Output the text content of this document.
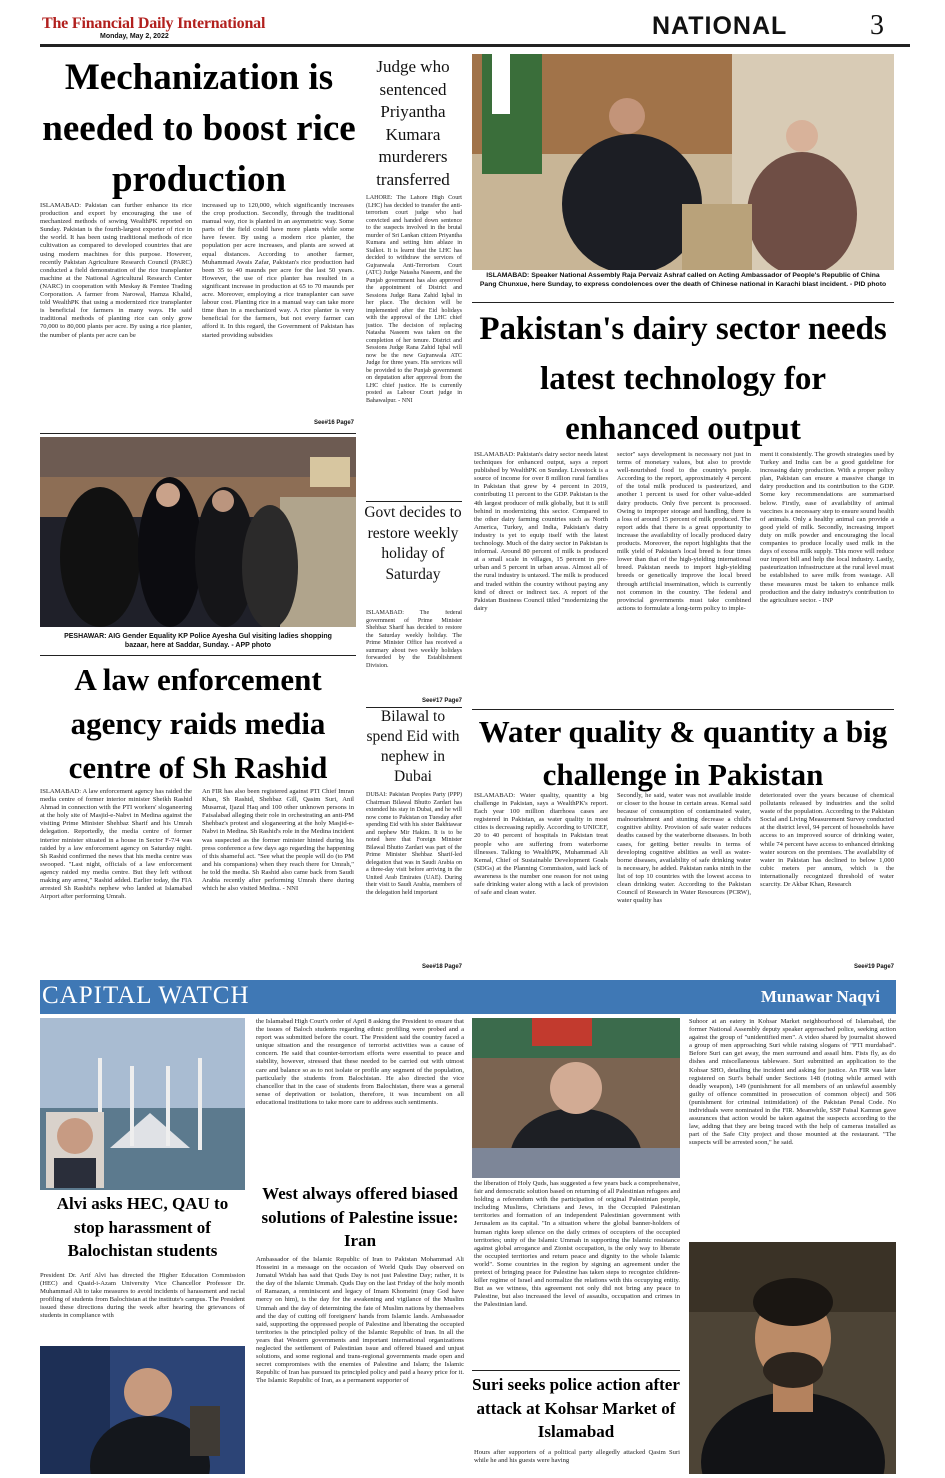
The Financial Daily International
Monday, May 2, 2022	NATIONAL	3
Mechanization is needed to boost rice production
ISLAMABAD: Pakistan can further enhance its rice production and export by encouraging the use of mechanized methods of sowing WealthPK reported on Sunday. Pakistan is the fourth-largest exporter of rice in the world. It has been using traditional methods of rice cultivation as compared to developed countries that are using modern machines for this purpose. However, recently Pakistan Agriculture Research Council (PARC) conducted a field demonstration of the rice transplanter machine at the National Agricultural Research Center (NARC) in cooperation with Meskay & Femtee Trading Corporation. A farmer from Narowal, Hamza Khalid, told WealthPK that using a modernized rice transplanter is beneficial for farmers in many ways. He said traditional methods of planting rice can only grow 70,000 to 80,000 plants per acre. By using a rice planter, the number of plants per acre can be
increased up to 120,000, which significantly increases the crop production. Secondly, through the traditional manual way, rice is planted in an asymmetric way. Some parts of the field could have more plants while some have fewer. By using a modern rice planter, the population per acre increases, and plants are sowed at equal distances. According to another farmer, Muhammad Awais Zafar, Pakistan's rice production had been 35 to 40 maunds per acre for the last 50 years. However, the use of rice planter has resulted in a significant increase in production at 65 to 70 maunds per acre. Moreover, employing a rice transplanter can save labour cost. Planting rice in a manual way can take more time than in a mechanized way. A rice planter is very beneficial for the farmers, but not every farmer can afford it. In this regard, the Government of Pakistan has started providing subsidies
See#16 Page7
PESHAWAR: AIG Gender Equality KP Police Ayesha Gul visiting ladies shopping bazaar, here at Saddar, Sunday. - APP photo
A law enforcement agency raids media centre of Sh Rashid
ISLAMABAD: A law enforcement agency has raided the media centre of former interior minister Sheikh Rashid Ahmad in connection with the PTI workers' sloganeering at the holy site of Masjid-e-Nabvi in Medina against the visiting Prime Minister Shehbaz Sharif and his Umrah delegation. Reportedly, the media centre of former interior minister situated in a house in Sector F-7/4 was raided by a law enforcement agency on Saturday night. Sh Rashid confirmed the news that his media centre was swooped. "Last night, officials of a law enforcement agency raided my media centre. But they left without making any arrest," Rashid added. Earlier today, the FIA arrested Sh Rashid's nephew who landed at Islamabad Airport after performing Umrah.
An FIR has also been registered against PTI Chief Imran Khan, Sh Rashid, Shehbaz Gill, Qasim Suri, Anil Musarrat, Ijazul Haq and 100 other unknown persons in Faisalabad alleging their role in orchestrating an anti-PM Shehbaz's protest and sloganeering at the holy Masjid-e-Nabvi in Medina. Sh Rashid's role in the Medina incident was suspected as the former minister hinted during his press conference a few days ago regarding the happening of this shameful act. "See what the people will do (to PM and his companions) when they reach there for Umrah," he told the media. Sh Rashid also came back from Saudi Arabia recently after performing Umrah there during which he also visited Medina. - NNI
Judge who sentenced Priyantha Kumara murderers transferred
LAHORE: The Lahore High Court (LHC) has decided to transfer the anti-terrorism court judge who had convicted and handed down sentence to the suspects involved in the brutal murder of Sri Lankan citizen Priyantha Kumara and setting him ablaze in Sialkot. It is learnt that the LHC has decided to withdraw the services of Gujranwala Anti-Terrorism Court (ATC) Judge Natasha Naseem, and the Punjab government has also approved the appointment of District and Sessions Judge Rana Zahid Iqbal in her place. The decision will be implemented after the Eid holidays with the approval of the LHC chief justice. The decision of replacing Natasha Naseem was taken on the completion of her tenure. District and Sessions Judge Rana Zahid Iqbal will now be the new Gujranwala ATC Judge for three years. His services will be provided to the Punjab government on deputation after approval from the LHC chief justice. He is currently posted as Labour Court judge in Bahawalpur. - NNI
Govt decides to restore weekly holiday of Saturday
ISLAMABAD: The federal government of Prime Minister Shehbaz Sharif has decided to restore the Saturday weekly holiday. The Prime Minister Office has received a summary about two weekly holidays forwarded by the Establishment Division.
See#17 Page7
Bilawal to spend Eid with nephew in Dubai
DUBAI: Pakistan Peoples Party (PPP) Chairman Bilawal Bhutto Zardari has extended his stay in Dubai, and he will now come to Pakistan on Tuesday after spending Eid with his sister Bakhtawar and nephew Mir Hakim. It is to be noted here that Foreign Minister Bilawal Bhutto Zardari was part of the Prime Minister Shehbaz Sharif-led delegation that was in Saudi Arabia on a three-day visit before arriving in the United Arab Emirates (UAE). During their visit to Saudi Arabia, members of the delegation held important
See#18 Page7
ISLAMABAD: Speaker National Assembly Raja Pervaiz Ashraf called on Acting Ambassador of People's Republic of China Pang Chunxue, here Sunday, to express condolences over the death of Chinese national in Karachi blast incident. - PID photo
Pakistan's dairy sector needs latest technology for enhanced output
ISLAMABAD: Pakistan's dairy sector needs latest techniques for enhanced output, says a report published by WealthPK on Sunday. Livestock is a source of income for over 8 million rural families in Pakistan that grew by 4 percent in 2019, contributing 11 percent to the GDP. Pakistan is the 4th largest producer of milk globally, but it is still behind in modernizing this sector. Compared to the other dairy farming countries such as North America, Turkey, and India, Pakistan's dairy industry is yet to equip itself with the latest technology. Much of the dairy sector in Pakistan is informal. Around 80 percent of milk is produced at a small scale in villages, 15 percent in pre-urban and 5 percent in urban areas. Almost all of the rural industry is untaxed. The milk is produced and traded within the country without paying any kind of direct or indirect tax. A report of the Pakistan Business Council titled "modernizing the dairy
sector" says development is necessary not just in terms of monetary values, but also to provide well-nourished food to the country's people. According to the report, approximately 4 percent of the total milk produced is pasteurized, and another 1 percent is used for other value-added dairy products. Only five percent is processed. Owing to improper storage and handling, there is a loss of around 15 percent of milk produced. The report adds that there is a great opportunity to increase the availability of locally produced dairy products. Moreover, the report highlights that the milk yield of Pakistan's local breed is four times lower than that of the high-yielding international breed. Pakistan needs to import high-yielding breeds or genetically improve the local breed through artificial insemination, which is currently not common in the country. The federal and provincial governments must take combined actions to formulate a long-term policy to imple-
ment it consistently. The growth strategies used by Turkey and India can be a good guideline for increasing dairy production. With a proper policy plan, Pakistan can ensure a massive change in dairy production and its contribution to the GDP. Some key recommendations are summarised below. Firstly, ease of availability of animal vaccines is a necessary step to ensure sound health of animals. Only a healthy animal can provide a good yield of milk. Secondly, increasing import duty on milk powder and encouraging the local companies to produce locally used milk in the days of excess milk supply. This move will reduce our import bill and help the local industry. Lastly, pasteurization infrastructure at the rural level must be established to save milk from wastage. All these measures must be taken to enhance milk production and the dairy industry's contribution to the agriculture sector. - INP
Water quality & quantity a big challenge in Pakistan
ISLAMABAD: Water quality, quantity a big challenge in Pakistan, says a WealthPK's report. Each year 100 million diarrhoea cases are registered in Pakistan, as water quality in most cities is decreasing rapidly. According to UNICEF, 20 to 40 percent of hospitals in Pakistan treat people who are suffering from waterborne illnesses. Talking to WealthPK, Muhammad Ali Kemal, Chief of Sustainable Development Goals (SDGs) at the Planning Commission, said lack of awareness is the number one reason for not using safe drinking water along with a lack of provision of safe and clean water.
Secondly, he said, water was not available inside or closer to the house in certain areas. Kemal said because of consumption of contaminated water, malnourishment and stunting decrease a child's cognitive ability. Provision of safe water reduces deaths caused by the waterborne diseases. In both cases, for getting better results in terms of developing cognitive abilities as well as water-borne diseases, availability of safe drinking water is necessary, he added. Pakistan ranks ninth in the list of top 10 countries with the lowest access to clean drinking water. According to the Pakistan Council of Research in Water Resources (PCRW), water quality has
deteriorated over the years because of chemical pollutants released by industries and the solid waste of the population. According to the Pakistan Social and Living Measurement Survey conducted at the district level, 94 percent of households have access to an improved source of drinking water, while 74 percent have access to enhanced drinking water sources on the premises. The availability of water in Pakistan has declined to below 1,000 cubic meters per annum, which is the internationally recognized threshold of water scarcity. Dr Akbar Khan, Research
See#19 Page7
CAPITAL WATCH	Munawar Naqvi
Alvi asks HEC, QAU to stop harassment of Balochistan students
President Dr. Arif Alvi has directed the Higher Education Commission (HEC) and Quaid-i-Azam University Vice Chancellor Professor Dr. Muhammad Ali to take measures to avoid incidents of harassment and racial profiling of students from Balochistan at the institute's campus. The President issued these directions during the week after hearing the grievances of students in compliance with
the Islamabad High Court's order of April 8 asking the President to ensure that the issues of Baloch students regarding ethnic profiling were probed and a report was submitted before the court. The President said the country faced a unique situation and the resurgence of terrorist activities was a cause of concern. He said that counter-terrorism efforts were essential to peace and stability, however, stressed that these needed to be carried out with utmost care and balance so as to not isolate or profile any segment of the population, particularly the students from Balochistan. He also directed the vice chancellor that in the case of students from Balochistan, there was a general sense of deprivation or isolation, therefore, it was incumbent on all educational institutions to take more care to address such sentiments.
West always offered biased solutions of Palestine issue: Iran
Ambassador of the Islamic Republic of Iran to Pakistan Mohammad Ali Hosseini in a message on the occasion of World Quds Day observed on Jumatul Widah has said that Quds Day is not just Palestine Day; rather, it is the day of the Islamic Ummah. Quds Day on the last Friday of the holy month of Ramazan, a reminiscent and legacy of Imam Khomeini (may God have mercy on him), is the day for the awakening and vigilance of the Muslim Ummah and the day of determining the fate of Muslim nations by themselves and the day of cutting off foreigners' hands from Islamic lands. Ambassador said, supporting the oppressed people of Palestine and liberating the occupied territories is the principled policy of the Islamic Republic of Iran. In all the years that Western governments and important international organizations neglected the settlement of Palestinian issue and offered biased and unjust solutions, and some regional and trans-regional governments made open and secret compromises with the enemies of Palestine and Islam; the Islamic Republic of Iran has pursued its principled policy and paid a heavy price for it. The Islamic Republic of Iran, as a permanent supporter of
the liberation of Holy Quds, has suggested a few years back a comprehensive, fair and democratic solution based on returning of all Palestinian refugees and holding a referendum with the participation of original Palestinian people, including Muslims, Christians and Jews, in the Occupied Palestinian territories and formation of an independent Palestinian government with Jerusalem as its capital. "In a situation where the global banner-holders of human rights keep silence on the daily crimes of occupiers of the occupied territories; unity of the Islamic Ummah in supporting the Islamic resistance against global arrogance and Zionist occupation, is the only way to liberate the occupied territories and return peace and dignity to the whole Islamic world". Some countries in the region by signing an agreement under the pretext of bringing peace for Palestine has taken steps to recognize children-killer regime of Israel and normalize the relations with this occupying entity. But as we witness, this agreement not only did not bring any peace to Palestine, but also increased the level of assaults, occupation and crimes in the Palestinian land.
Suri seeks police action after attack at Kohsar Market of Islamabad
Hours after supporters of a political party allegedly attacked Qasim Suri while he and his guests were having
Suhoor at an eatery in Kohsar Market neighbourhood of Islamabad, the former National Assembly deputy speaker approached police, seeking action against the group of "unidentified men". A video shared by journalist showed a group of men approaching Suri while raising slogans of "PTI murdabad". Before Suri can get away, the men surround and assail him. Fists fly, as do dishes and miscellaneous tableware. Suri submitted an application to the Kohsar SHO, detailing the incident and asking for justice. An FIR was later registered on Suri's behalf under Sections 148 (rioting while armed with deadly weapon), 149 (punishment for all members of an unlawful assembly guilty of offence committed in prosecution of common object) and 506 (punishment for criminal intimidation) of the Pakistan Penal Code. No individuals were nominated in the FIR. Meanwhile, SSP Faisal Kamran gave assurances that action would be taken against the suspects according to the law, adding that they are being traced with the help of cameras installed as part of the Safe City project and those mounted at the restaurant. "The suspects will be arrested soon," he said.
